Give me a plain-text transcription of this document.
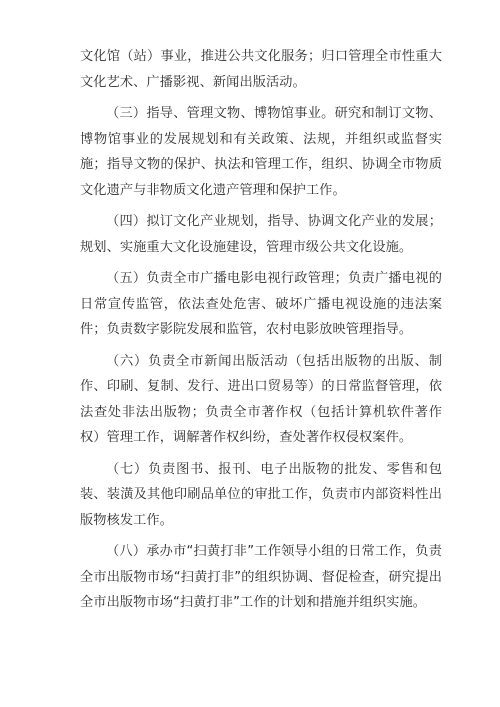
文化馆（站）事业，推进公共文化服务；归口管理全市性重大文化艺术、广播影视、新闻出版活动。

（三）指导、管理文物、博物馆事业。研究和制订文物、博物馆事业的发展规划和有关政策、法规，并组织或监督实施；指导文物的保护、执法和管理工作，组织、协调全市物质文化遗产与非物质文化遗产管理和保护工作。

（四）拟订文化产业规划，指导、协调文化产业的发展；规划、实施重大文化设施建设，管理市级公共文化设施。

（五）负责全市广播电影电视行政管理；负责广播电视的日常宣传监管，依法查处危害、破坏广播电视设施的违法案件；负责数字影院发展和监管，农村电影放映管理指导。

（六）负责全市新闻出版活动（包括出版物的出版、制作、印刷、复制、发行、进出口贸易等）的日常监督管理，依法查处非法出版物；负责全市著作权（包括计算机软件著作权）管理工作，调解著作权纠纷，查处著作权侵权案件。

（七）负责图书、报刊、电子出版物的批发、零售和包装、装潢及其他印刷品单位的审批工作，负责市内部资料性出版物核发工作。

（八）承办市“扫黄打非”工作领导小组的日常工作，负责全市出版物市场“扫黄打非”的组织协调、督促检查，研究提出全市出版物市场“扫黄打非”工作的计划和措施并组织实施。
